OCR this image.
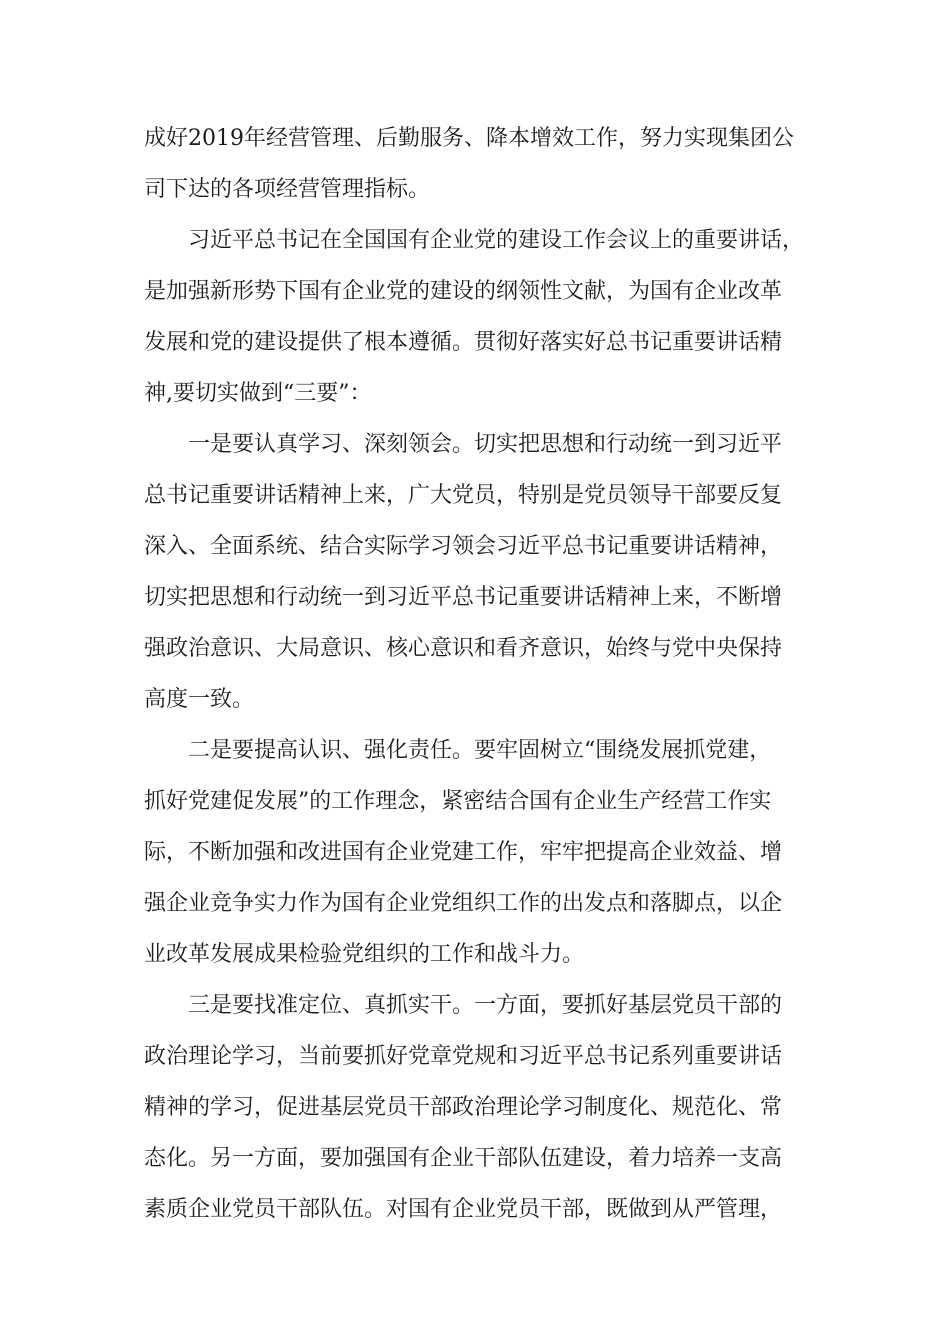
成好2019年经营管理、后勤服务、降本增效工作，努力实现集团公
司下达的各项经营管理指标。
习近平总书记在全国国有企业党的建设工作会议上的重要讲话，
是加强新形势下国有企业党的建设的纲领性文献，为国有企业改革
发展和党的建设提供了根本遵循。贯彻好落实好总书记重要讲话精
神,要切实做到“三要”：
一是要认真学习、深刻领会。切实把思想和行动统一到习近平
总书记重要讲话精神上来，广大党员，特别是党员领导干部要反复
深入、全面系统、结合实际学习领会习近平总书记重要讲话精神，
切实把思想和行动统一到习近平总书记重要讲话精神上来，不断增
强政治意识、大局意识、核心意识和看齐意识，始终与党中央保持
高度一致。
二是要提高认识、强化责任。要牢固树立“围绕发展抓党建，
抓好党建促发展”的工作理念，紧密结合国有企业生产经营工作实
际，不断加强和改进国有企业党建工作，牢牢把提高企业效益、增
强企业竞争实力作为国有企业党组织工作的出发点和落脚点，以企
业改革发展成果检验党组织的工作和战斗力。
三是要找准定位、真抓实干。一方面，要抓好基层党员干部的
政治理论学习，当前要抓好党章党规和习近平总书记系列重要讲话
精神的学习，促进基层党员干部政治理论学习制度化、规范化、常
态化。另一方面，要加强国有企业干部队伍建设，着力培养一支高
素质企业党员干部队伍。对国有企业党员干部，既做到从严管理，
